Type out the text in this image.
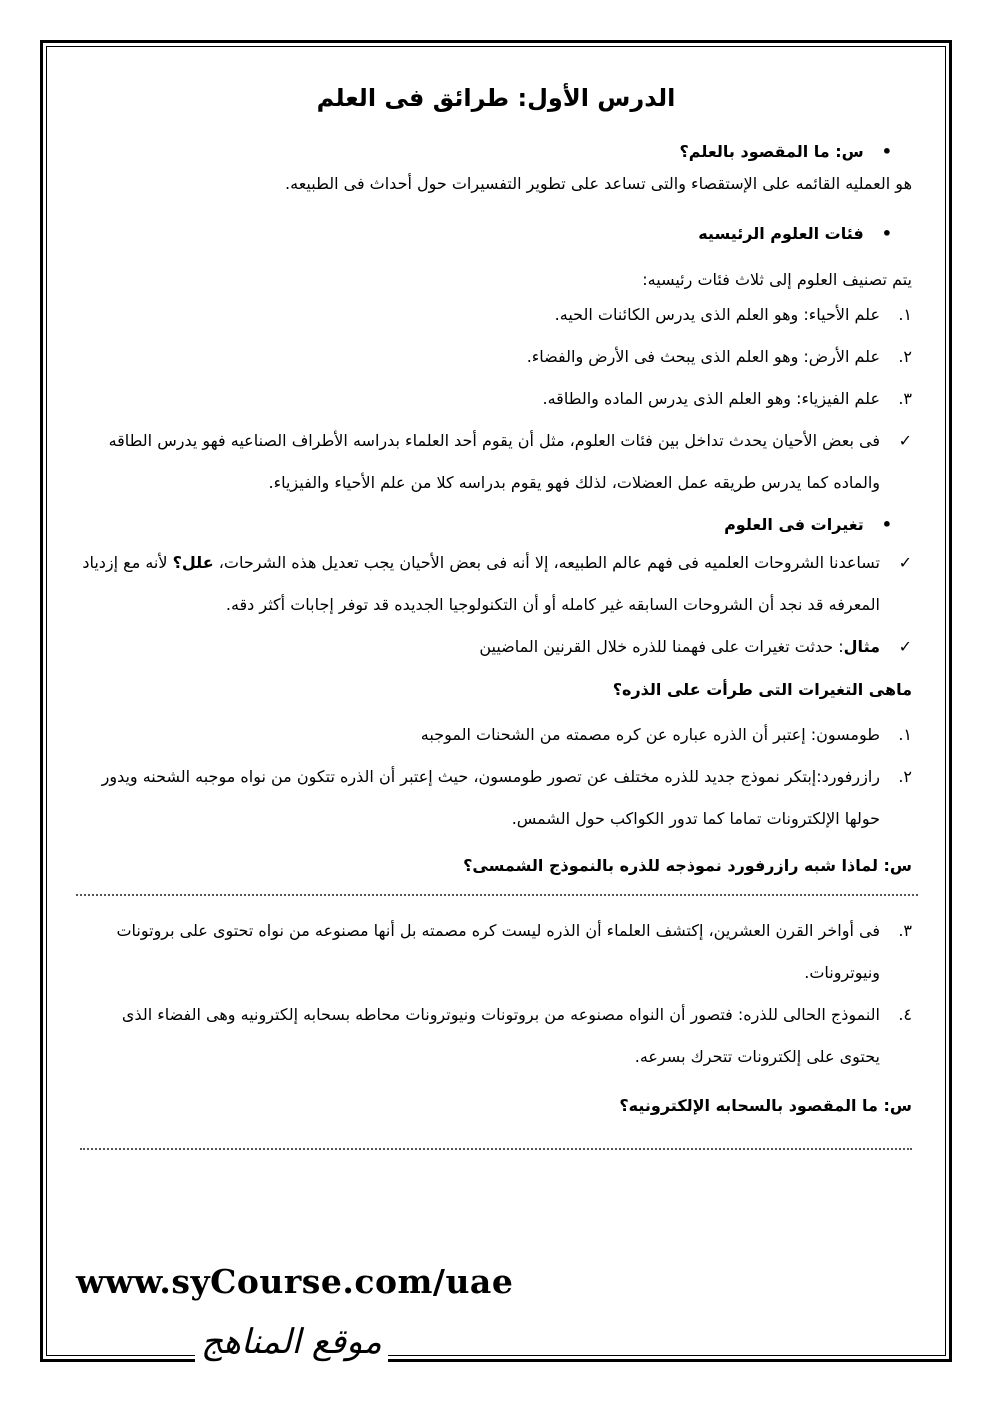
الدرس الأول: طرائق فى العلم
• س: ما المقصود بالعلم؟
هو العمليه القائمه على الإستقصاء والتى تساعد على تطوير التفسيرات حول أحداث فى الطبيعه.
• فئات العلوم الرئيسيه
يتم تصنيف العلوم إلى ثلاث فئات رئيسيه:
١.
علم الأحياء: وهو العلم الذى يدرس الكائنات الحيه.
٢.
علم الأرض: وهو العلم الذى يبحث فى الأرض والفضاء.
٣.
علم الفيزياء: وهو العلم الذى يدرس الماده والطاقه.
✓
فى بعض الأحيان يحدث تداخل بين فئات العلوم، مثل أن يقوم أحد العلماء بدراسه الأطراف الصناعيه فهو يدرس الطاقه والماده كما يدرس طريقه عمل العضلات، لذلك فهو يقوم بدراسه كلا من علم الأحياء والفيزياء.
• تغيرات فى العلوم
✓
تساعدنا الشروحات العلميه فى فهم عالم الطبيعه، إلا أنه فى بعض الأحيان يجب تعديل هذه الشرحات، علل؟ لأنه مع إزدياد المعرفه قد نجد أن الشروحات السابقه غير كامله أو أن التكنولوجيا الجديده قد توفر إجابات أكثر دقه.
✓
مثال: حدثت تغيرات على فهمنا للذره خلال القرنين الماضيين
ماهى التغيرات التى طرأت على الذره؟
١.
طومسون: إعتبر أن الذره عباره عن كره مصمته من الشحنات الموجبه
٢.
رازرفورد:إبتكر نموذج جديد للذره مختلف عن تصور طومسون، حيث إعتبر أن الذره تتكون من نواه موجبه الشحنه ويدور حولها الإلكترونات تماما كما تدور الكواكب حول الشمس.
س: لماذا شبه رازرفورد نموذجه للذره بالنموذج الشمسى؟
٣.
فى أواخر القرن العشرين، إكتشف العلماء أن الذره ليست كره مصمته بل أنها مصنوعه من نواه تحتوى على بروتونات ونيوترونات.
٤.
النموذج الحالى للذره: فتصور أن النواه مصنوعه من بروتونات ونيوترونات محاطه بسحابه إلكترونيه وهى الفضاء الذى يحتوى على إلكترونات تتحرك بسرعه.
س: ما المقصود بالسحابه الإلكترونيه؟
www.syCourse.com/uae
موقع المناهج
